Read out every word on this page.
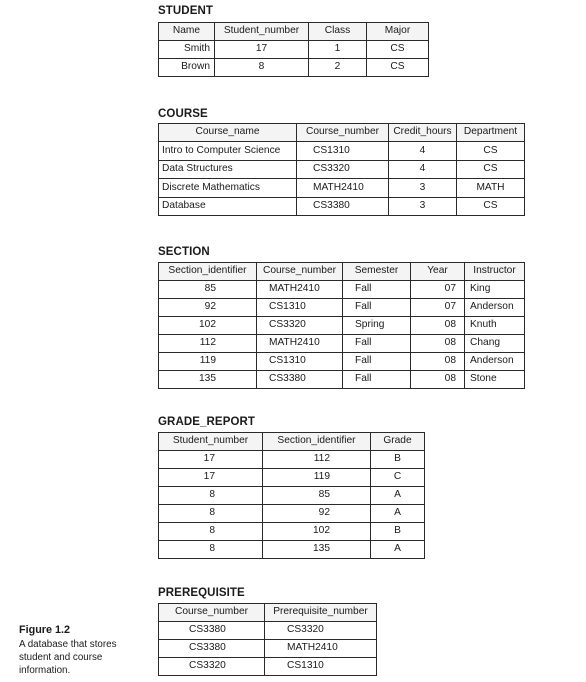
STUDENT
Name	Student_number	Class	Major
Smith	17	1	CS
Brown	8	2	CS
COURSE
Course_name	Course_number	Credit_hours	Department
Intro to Computer Science	CS1310	4	CS
Data Structures	CS3320	4	CS
Discrete Mathematics	MATH2410	3	MATH
Database	CS3380	3	CS
SECTION
Section_identifier	Course_number	Semester	Year	Instructor
85	MATH2410	Fall	07	King
92	CS1310	Fall	07	Anderson
102	CS3320	Spring	08	Knuth
112	MATH2410	Fall	08	Chang
119	CS1310	Fall	08	Anderson
135	CS3380	Fall	08	Stone
GRADE_REPORT
Student_number	Section_identifier	Grade
17	112	B
17	119	C
8	85	A
8	92	A
8	102	B
8	135	A
PREREQUISITE
Course_number	Prerequisite_number
CS3380	CS3320
CS3380	MATH2410
CS3320	CS1310
Figure 1.2
A database that stores student and course information.
